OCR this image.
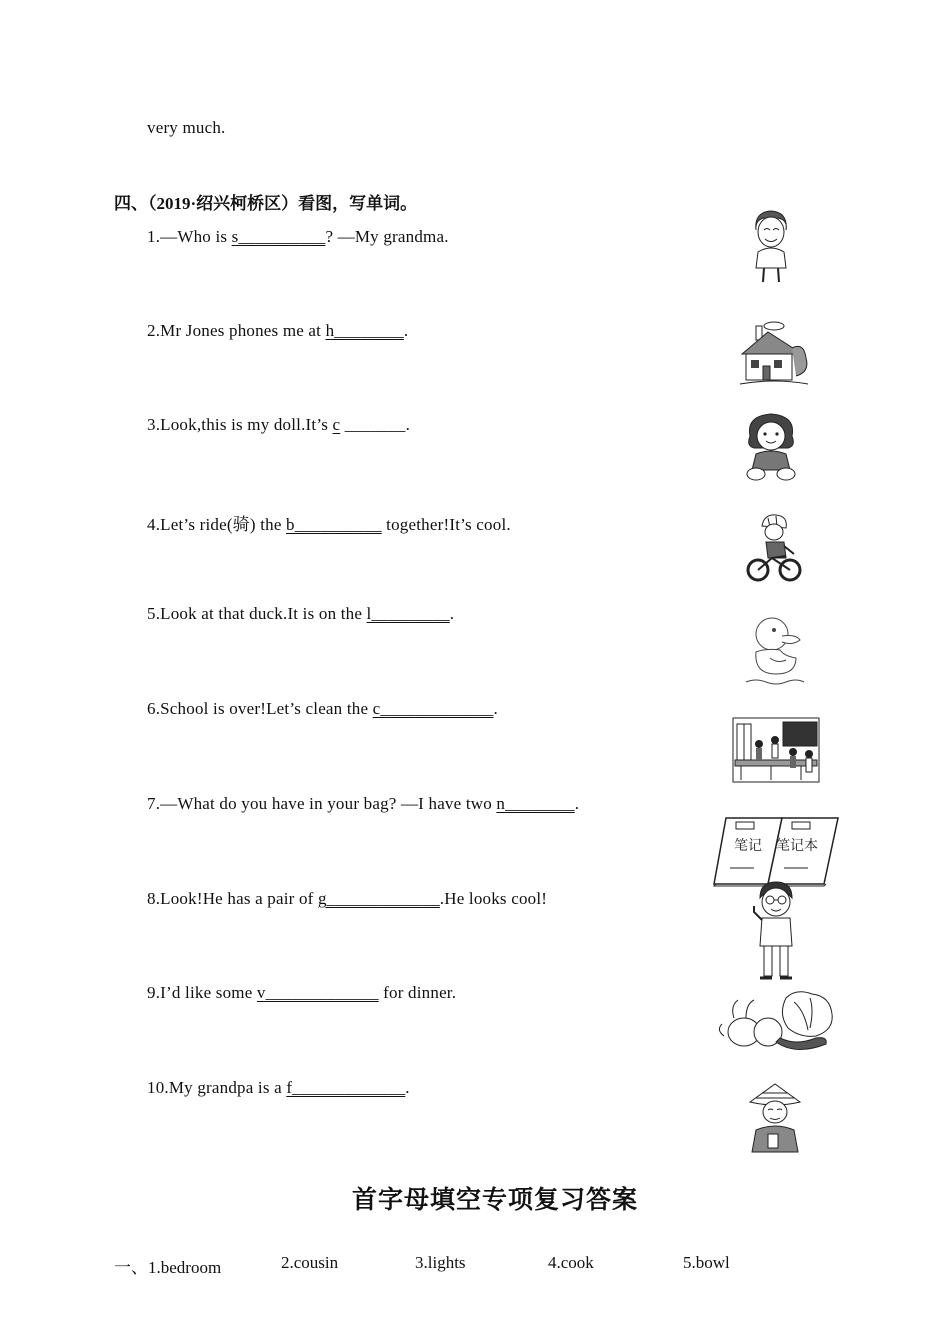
very much.
四、（2019·绍兴柯桥区）看图，写单词。
1.—Who is s__________? —My grandma.
2.Mr Jones phones me at h________.
3.Look,this is my doll.It’s c _______.
4.Let’s ride(骑) the b__________ together!It’s cool.
5.Look at that duck.It is on the l_________.
6.School is over!Let’s clean the c_____________.
7.—What do you have in your bag? —I have two n________.
8.Look!He has a pair of g_____________.He looks cool!
9.I’d like some v_____________ for dinner.
10.My grandpa is a f_____________.
笔记 笔记本
首字母填空专项复习答案
一、1.bedroom	2.cousin	3.lights	4.cook	5.bowl
